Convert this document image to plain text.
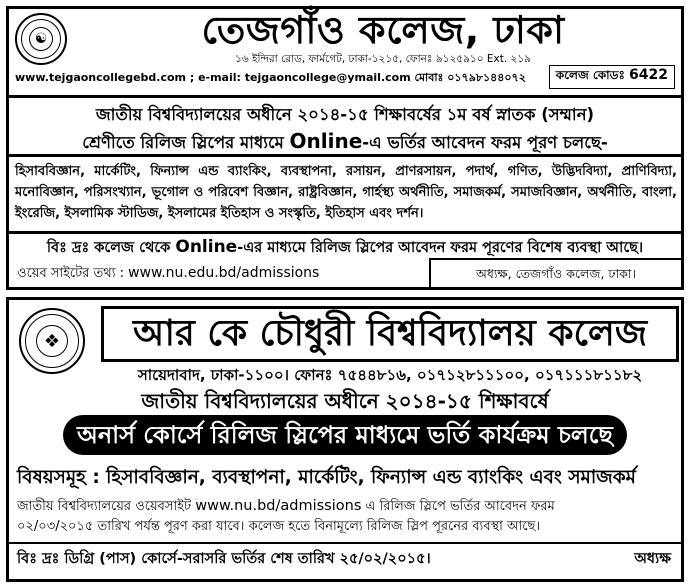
☯	তেজগাঁও কলেজ, ঢাকা
১৬ ইন্দিরা রোড, ফার্মগেট, ঢাকা-১২১৫, ফোনঃ ৯১২৫৯১০ Ext. ২১৯
www.tejgaoncollegebd.com ; e-mail: tejgaoncollege@ymail.com মোবাঃ ০১৭৯৮১৪৪০৭২	কলেজ কোডঃ 6422
জাতীয় বিশ্ববিদ্যালয়ের অধীনে ২০১৪-১৫ শিক্ষাবর্ষের ১ম বর্ষ স্নাতক (সম্মান)
শ্রেণীতে রিলিজ স্লিপের মাধ্যমে Online-এ ভর্তির আবেদন ফরম পূরণ চলছে-
হিসাববিজ্ঞান, মার্কেটিং, ফিন্যান্স এন্ড ব্যাংকিং, ব্যবস্থাপনা, রসায়ন, প্রাণরসায়ন, পদার্থ, গণিত, উদ্ভিদবিদ্যা, প্রাণিবিদ্যা, মনোবিজ্ঞান, পরিসংখ্যান, ভূগোল ও পরিবেশ বিজ্ঞান, রাষ্ট্রবিজ্ঞান, গার্হস্থ্য অর্থনীতি, সমাজকর্ম, সমাজবিজ্ঞান, অর্থনীতি, বাংলা, ইংরেজি, ইসলামিক স্টাডিজ, ইসলামের ইতিহাস ও সংস্কৃতি, ইতিহাস এবং দর্শন।
বিঃ দ্রঃ কলেজ থেকে Online-এর মাধ্যমে রিলিজ স্লিপের আবেদন ফরম পূরণের বিশেষ ব্যবস্থা আছে।
ওয়েব সাইটের তথ্য : www.nu.edu.bd/admissions	অধ্যক্ষ, তেজগাঁও কলেজ, ঢাকা।
❖	আর কে চৌধুরী বিশ্ববিদ্যালয় কলেজ
সায়েদাবাদ, ঢাকা-১১০০। ফোনঃ ৭৫৪৪৮১৬, ০১৭১২৮১১১০০, ০১৭১১১৮১১৮২
জাতীয় বিশ্ববিদ্যালয়ের অধীনে ২০১৪-১৫ শিক্ষাবর্ষে
অনার্স কোর্সে রিলিজ স্লিপের মাধ্যমে ভর্তি কার্যক্রম চলছে
বিষয়সমূহ : হিসাববিজ্ঞান, ব্যবস্থাপনা, মার্কেটিং, ফিন্যান্স এন্ড ব্যাংকিং এবং সমাজকর্ম
জাতীয় বিশ্ববিদ্যালয়ের ওয়েবসাইট www.nu.bd/admissions এ রিলিজ স্লিপে ভর্তির আবেদন ফরম
০২/০৩/২০১৫ তারিখ পর্যন্ত পূরণ করা যাবে। কলেজ হতে বিনামূল্যে রিলিজ স্লিপ পূরনের ব্যবস্থা আছে।
বিঃ দ্রঃ ডিগ্রি (পাস) কোর্সে-সরাসরি ভর্তির শেষ তারিখ ২৫/০২/২০১৫।	অধ্যক্ষ
